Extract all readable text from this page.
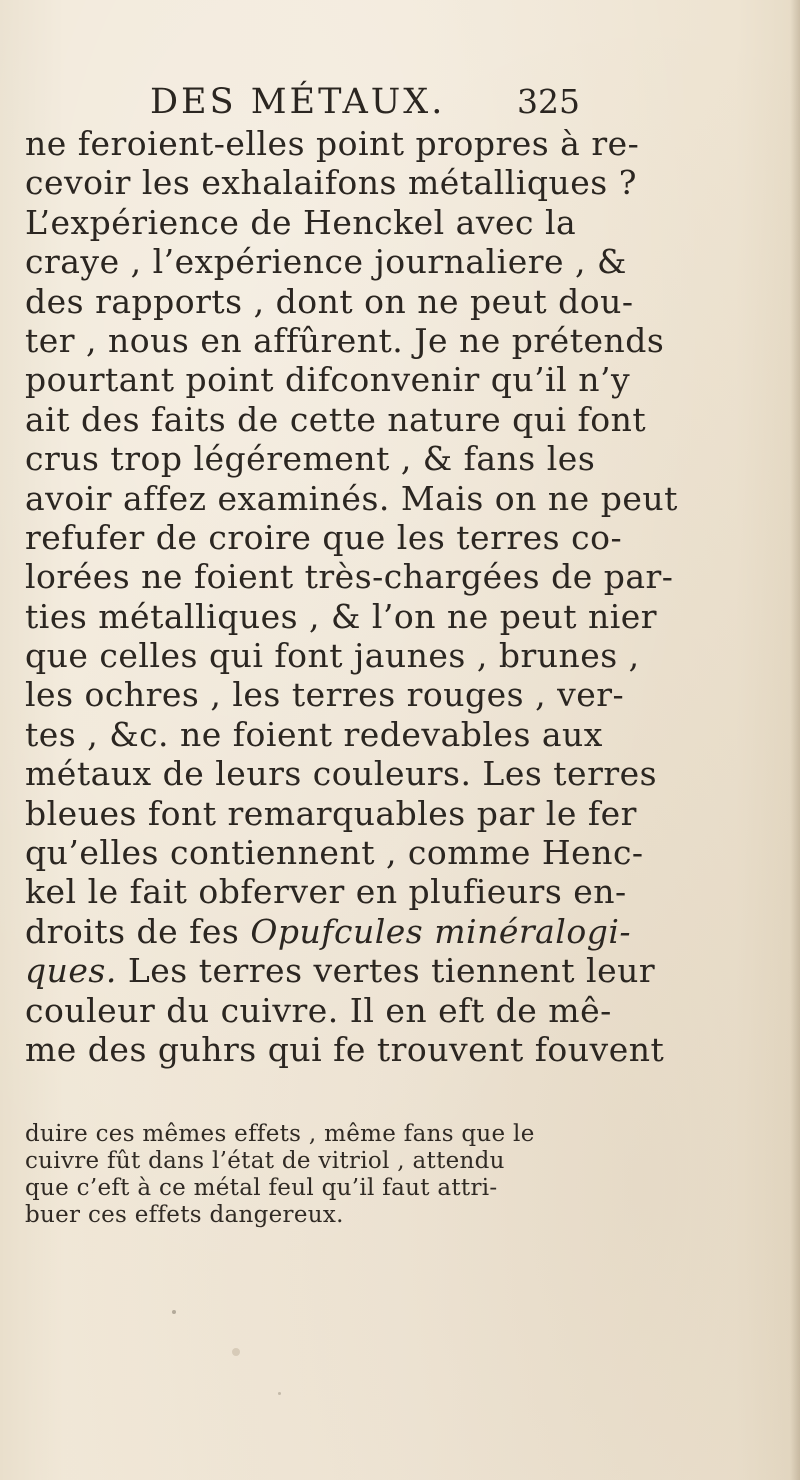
DES MÉTAUX. 325
ne feroient-elles point propres à re-
cevoir les exhalaifons métalliques ?
L’expérience de Henckel avec la
craye , l’expérience journaliere , &
des rapports , dont on ne peut dou-
ter , nous en affûrent. Je ne prétends
pourtant point difconvenir qu’il n’y
ait des faits de cette nature qui font
crus trop légérement , & fans les
avoir affez examinés. Mais on ne peut
refufer de croire que les terres co-
lorées ne foient très-chargées de par-
ties métalliques , & l’on ne peut nier
que celles qui font jaunes , brunes ,
les ochres , les terres rouges , ver-
tes , &c. ne foient redevables aux
métaux de leurs couleurs. Les terres
bleues font remarquables par le fer
qu’elles contiennent , comme Henc-
kel le fait obferver en plufieurs en-
droits de fes Opufcules minéralogi-
ques. Les terres vertes tiennent leur
couleur du cuivre. Il en eft de mê-
me des guhrs qui fe trouvent fouvent
duire ces mêmes effets , même fans que le
cuivre fût dans l’état de vitriol , attendu
que c’eft à ce métal feul qu’il faut attri-
buer ces effets dangereux.
